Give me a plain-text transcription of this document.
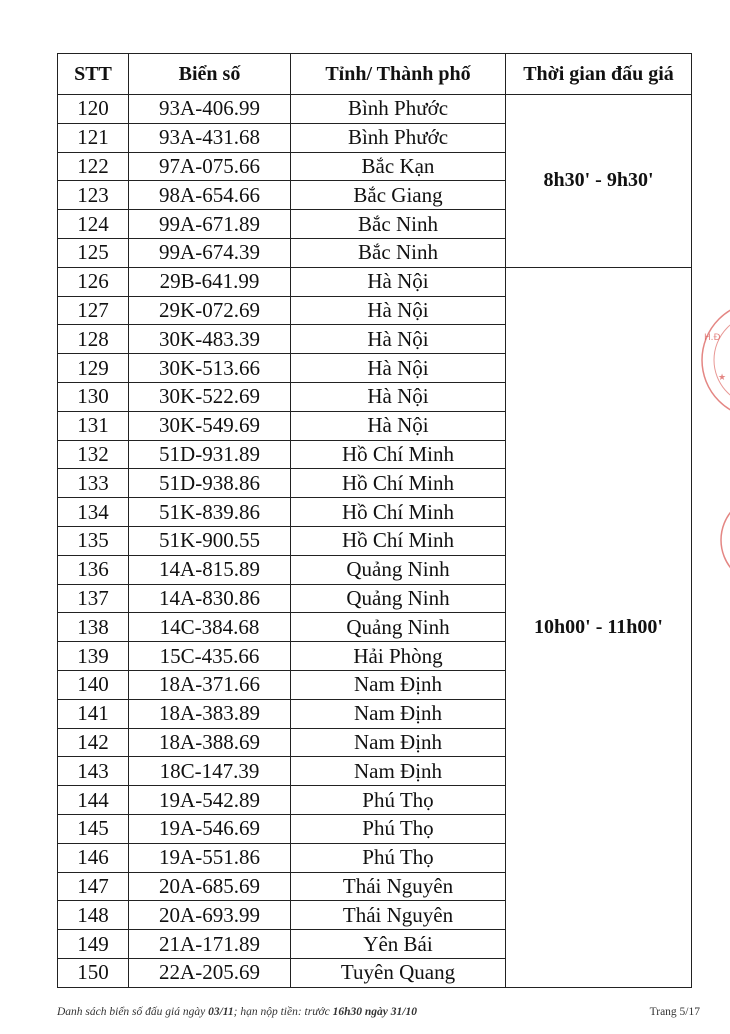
STT	Biển số	Tỉnh/ Thành phố	Thời gian đấu giá
120	93A-406.99	Bình Phước	8h30' - 9h30'
121	93A-431.68	Bình Phước	
122	97A-075.66	Bắc Kạn	
123	98A-654.66	Bắc Giang	
124	99A-671.89	Bắc Ninh	
125	99A-674.39	Bắc Ninh	
126	29B-641.99	Hà Nội	10h00' - 11h00'
127	29K-072.69	Hà Nội	
128	30K-483.39	Hà Nội	
129	30K-513.66	Hà Nội	
130	30K-522.69	Hà Nội	
131	30K-549.69	Hà Nội	
132	51D-931.89	Hồ Chí Minh	
133	51D-938.86	Hồ Chí Minh	
134	51K-839.86	Hồ Chí Minh	
135	51K-900.55	Hồ Chí Minh	
136	14A-815.89	Quảng Ninh	
137	14A-830.86	Quảng Ninh	
138	14C-384.68	Quảng Ninh	
139	15C-435.66	Hải Phòng	
140	18A-371.66	Nam Định	
141	18A-383.89	Nam Định	
142	18A-388.69	Nam Định	
143	18C-147.39	Nam Định	
144	19A-542.89	Phú Thọ	
145	19A-546.69	Phú Thọ	
146	19A-551.86	Phú Thọ	
147	20A-685.69	Thái Nguyên	
148	20A-693.99	Thái Nguyên	
149	21A-171.89	Yên Bái	
150	22A-205.69	Tuyên Quang	
Danh sách biển số đấu giá ngày 03/11; hạn nộp tiền: trước 16h30 ngày 31/10	Trang 5/17
H.Đ
★
